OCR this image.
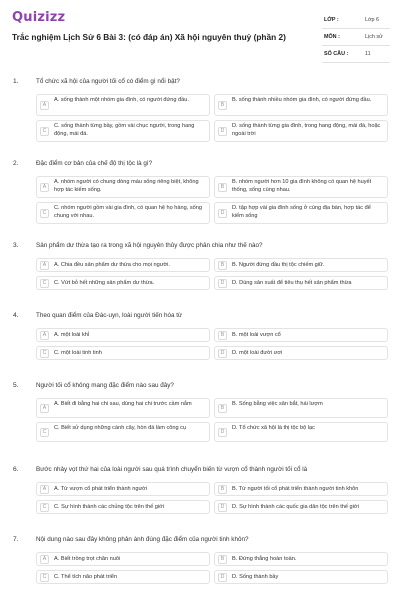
Quizizz
Trắc nghiệm Lịch Sử 6 Bài 3: (có đáp án) Xã hội nguyên thuỷ (phần 2)
LỚP :	Lớp 6
MÔN :	Lịch sử
SỐ CÂU :	11
1.	Tổ chức xã hội của người tối cổ có điểm gì nổi bật?
A
A. sống thành một nhóm gia đình, có người đứng đầu.
B
B. sống thành nhiều nhóm gia đình, có người đứng đầu.
C
C. sống thành từng bầy, gồm vài chục người, trong hang động, mái đá.	D
D. sống thành từng gia đình, trong hang động, mái đá, hoặc ngoài trời
2.	Đặc điểm cơ bản của chế độ thị tộc là gì?
A
A. nhóm người có chung dòng máu sống riêng biệt, không hợp tác kiếm sống.	B
B. nhóm người hơn 10 gia đình không có quan hệ huyết thống, sống cùng nhau.
C
C. nhóm người gồm vài gia đình, có quan hệ họ hàng, sống chung với nhau.	D
D. tập hợp vài gia đình sống ở cùng địa bàn, hợp tác để kiếm sống
3.	Sản phẩm dư thừa tạo ra trong xã hội nguyên thủy được phân chia như thế nào?
A	A. Chia đều sản phẩm dư thừa cho mọi người.	B	B. Người đứng đầu thị tộc chiếm giữ.
C	C. Vứt bỏ hết những sản phẩm dư thừa.	D	D. Dùng sản xuất để tiêu thụ hết sản phẩm thừa
4.	Theo quan điểm của Đác-uyn, loài người tiến hóa từ
A	A. một loài khỉ	B	B. một loài vượn cổ
C	C. một loài tinh tinh	D	D. một loài đười ươi
5.	Người tối cổ không mang đặc điểm nào sau đây?
A
A. Biết đi bằng hai chi sau, dùng hai chi trước cầm nắm
B
B. Sống bằng việc săn bắt, hái lượm
C
C. Biết sử dụng những cành cây, hòn đá làm công cụ
D
D. Tổ chức xã hội là thị tộc bộ lạc
6.	Bước nhảy vọt thứ hai của loài người sau quá trình chuyển biến từ vượn cổ thành người tối cổ là
A	A. Từ vượn cổ phát triển thành người	B	B. Từ người tối cổ phát triển thành người tinh khôn
C	C. Sự hình thành các chủng tộc trên thế giới	D	D. Sự hình thành các quốc gia dân tộc trên thế giới
7.	Nội dung nào sau đây không phản ánh đúng đặc điểm của người tinh khôn?
A	A. Biết trồng trọt chăn nuôi	B	B. Đứng thẳng hoàn toàn.
C	C. Thể tích não phát triển	D	D. Sống thành bầy
